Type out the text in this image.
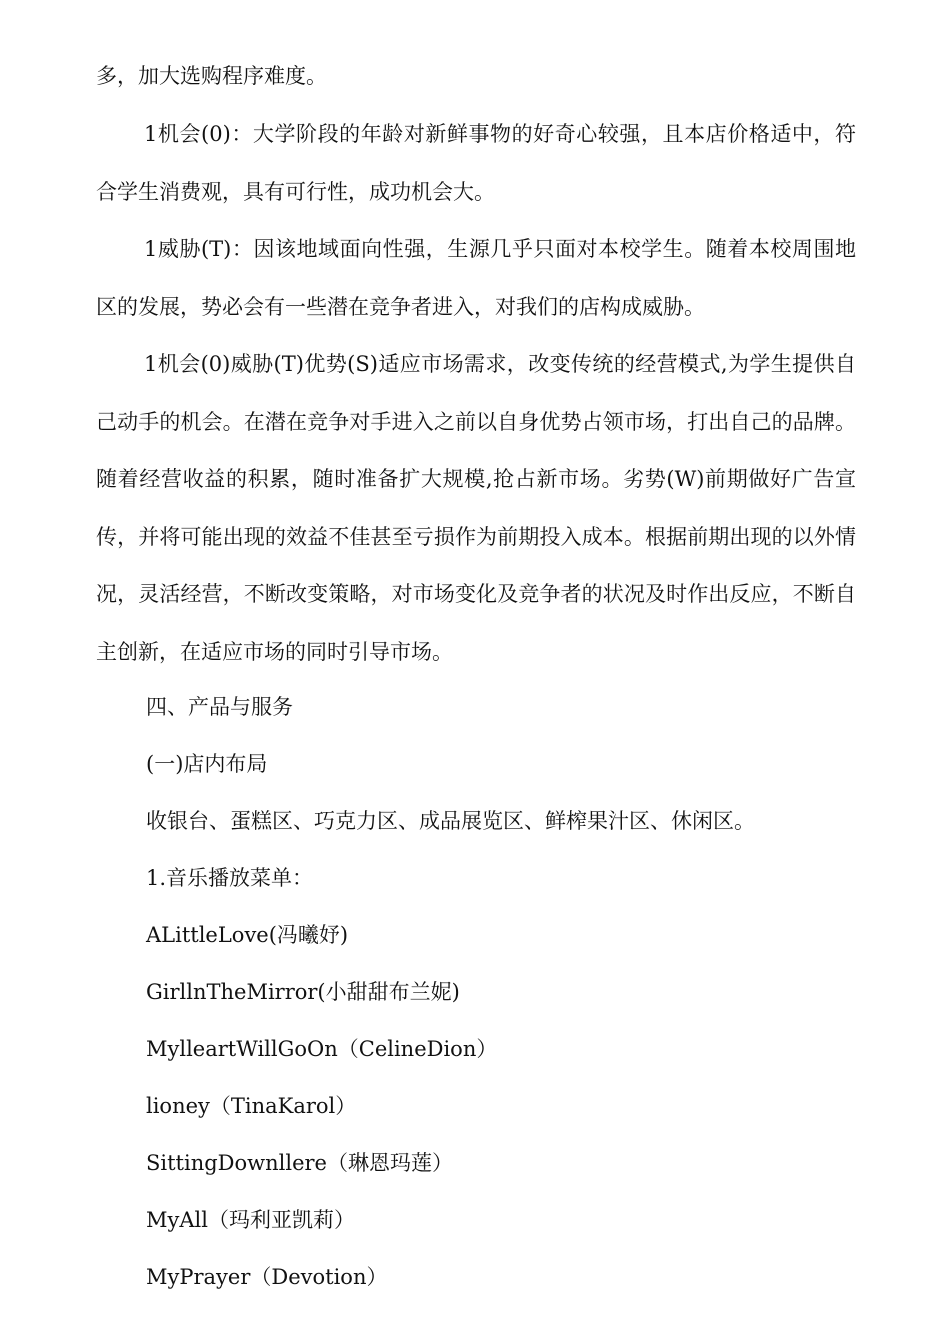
多，加大选购程序难度。

1机会(0)：大学阶段的年龄对新鲜事物的好奇心较强，且本店价格适中，符合学生消费观，具有可行性，成功机会大。

1威胁(T)：因该地域面向性强，生源几乎只面对本校学生。随着本校周围地区的发展，势必会有一些潜在竞争者进入，对我们的店构成威胁。

1机会(0)威胁(T)优势(S)适应市场需求，改变传统的经营模式,为学生提供自己动手的机会。在潜在竞争对手进入之前以自身优势占领市场，打出自己的品牌。随着经营收益的积累，随时准备扩大规模,抢占新市场。劣势(W)前期做好广告宣传，并将可能出现的效益不佳甚至亏损作为前期投入成本。根据前期出现的以外情况，灵活经营，不断改变策略，对市场变化及竞争者的状况及时作出反应，不断自主创新，在适应市场的同时引导市场。

四、产品与服务

(一)店内布局

收银台、蛋糕区、巧克力区、成品展览区、鲜榨果汁区、休闲区。

1.音乐播放菜单：

ALittleLove(冯曦妤)

GirllnTheMirror(小甜甜布兰妮)

MylleartWillGoOn（CelineDion）

lioney（TinaKarol）

SittingDownllere（琳恩玛莲）

MyAll（玛利亚凯莉）

MyPrayer（Devotion）
